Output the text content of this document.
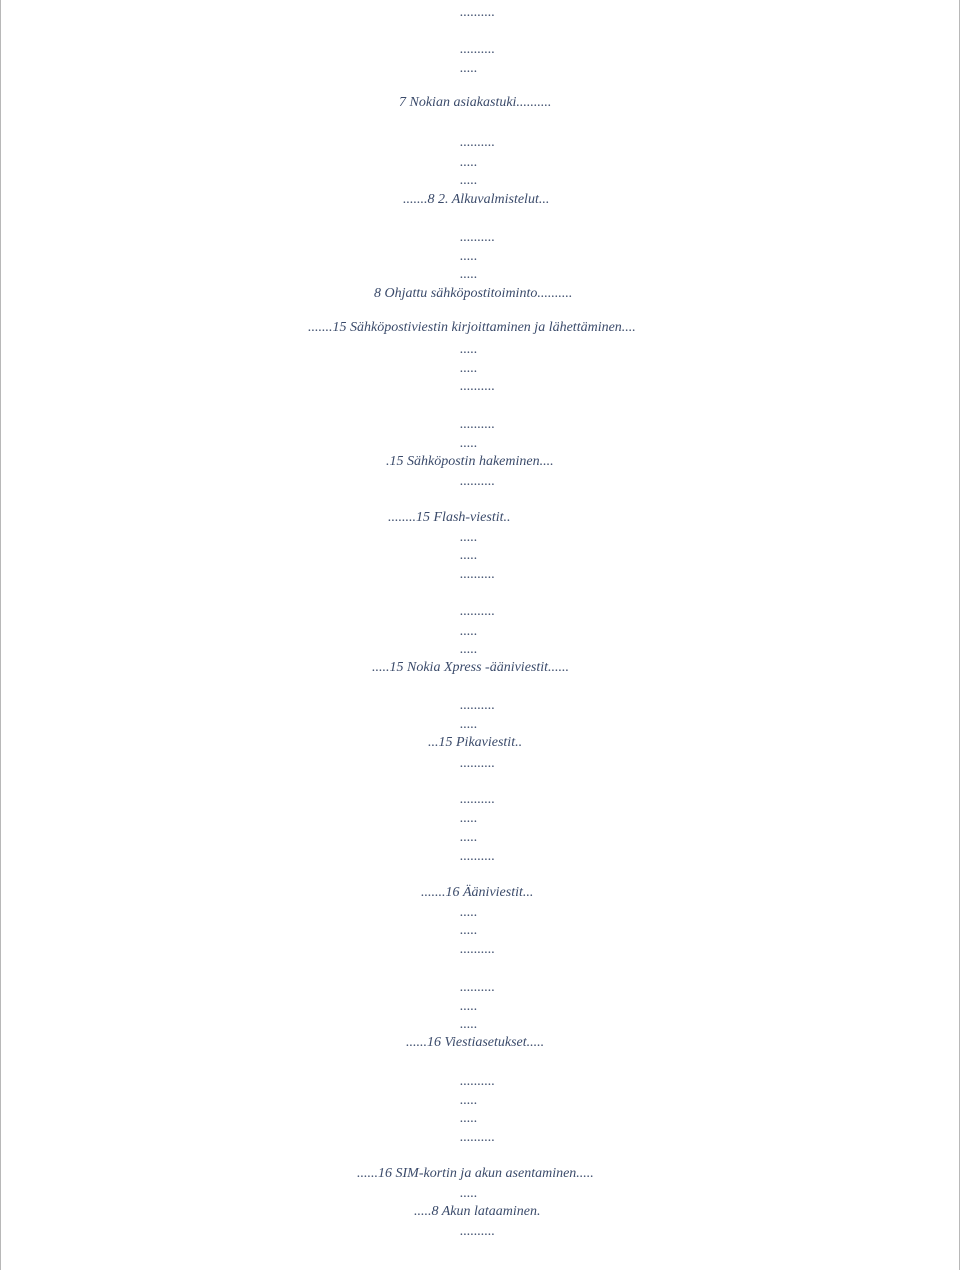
..........
..........
.....
7 Nokian asiakastuki..........
..........
.....
.....
.......8 2. Alkuvalmistelut...
..........
.....
.....
8 Ohjattu sähköpostitoiminto..........
.......15 Sähköpostiviestin kirjoittaminen ja lähettäminen....
.....
.....
..........
..........
.....
.15 Sähköpostin hakeminen....
..........
........15 Flash-viestit..
.....
.....
..........
..........
.....
.....
.....15 Nokia Xpress -ääniviestit......
..........
.....
...15 Pikaviestit..
..........
..........
.....
.....
..........
.......16 Ääniviestit...
.....
.....
..........
..........
.....
.....
......16 Viestiasetukset.....
..........
.....
.....
..........
......16 SIM-kortin ja akun asentaminen.....
.....
.....8 Akun lataaminen.
..........
